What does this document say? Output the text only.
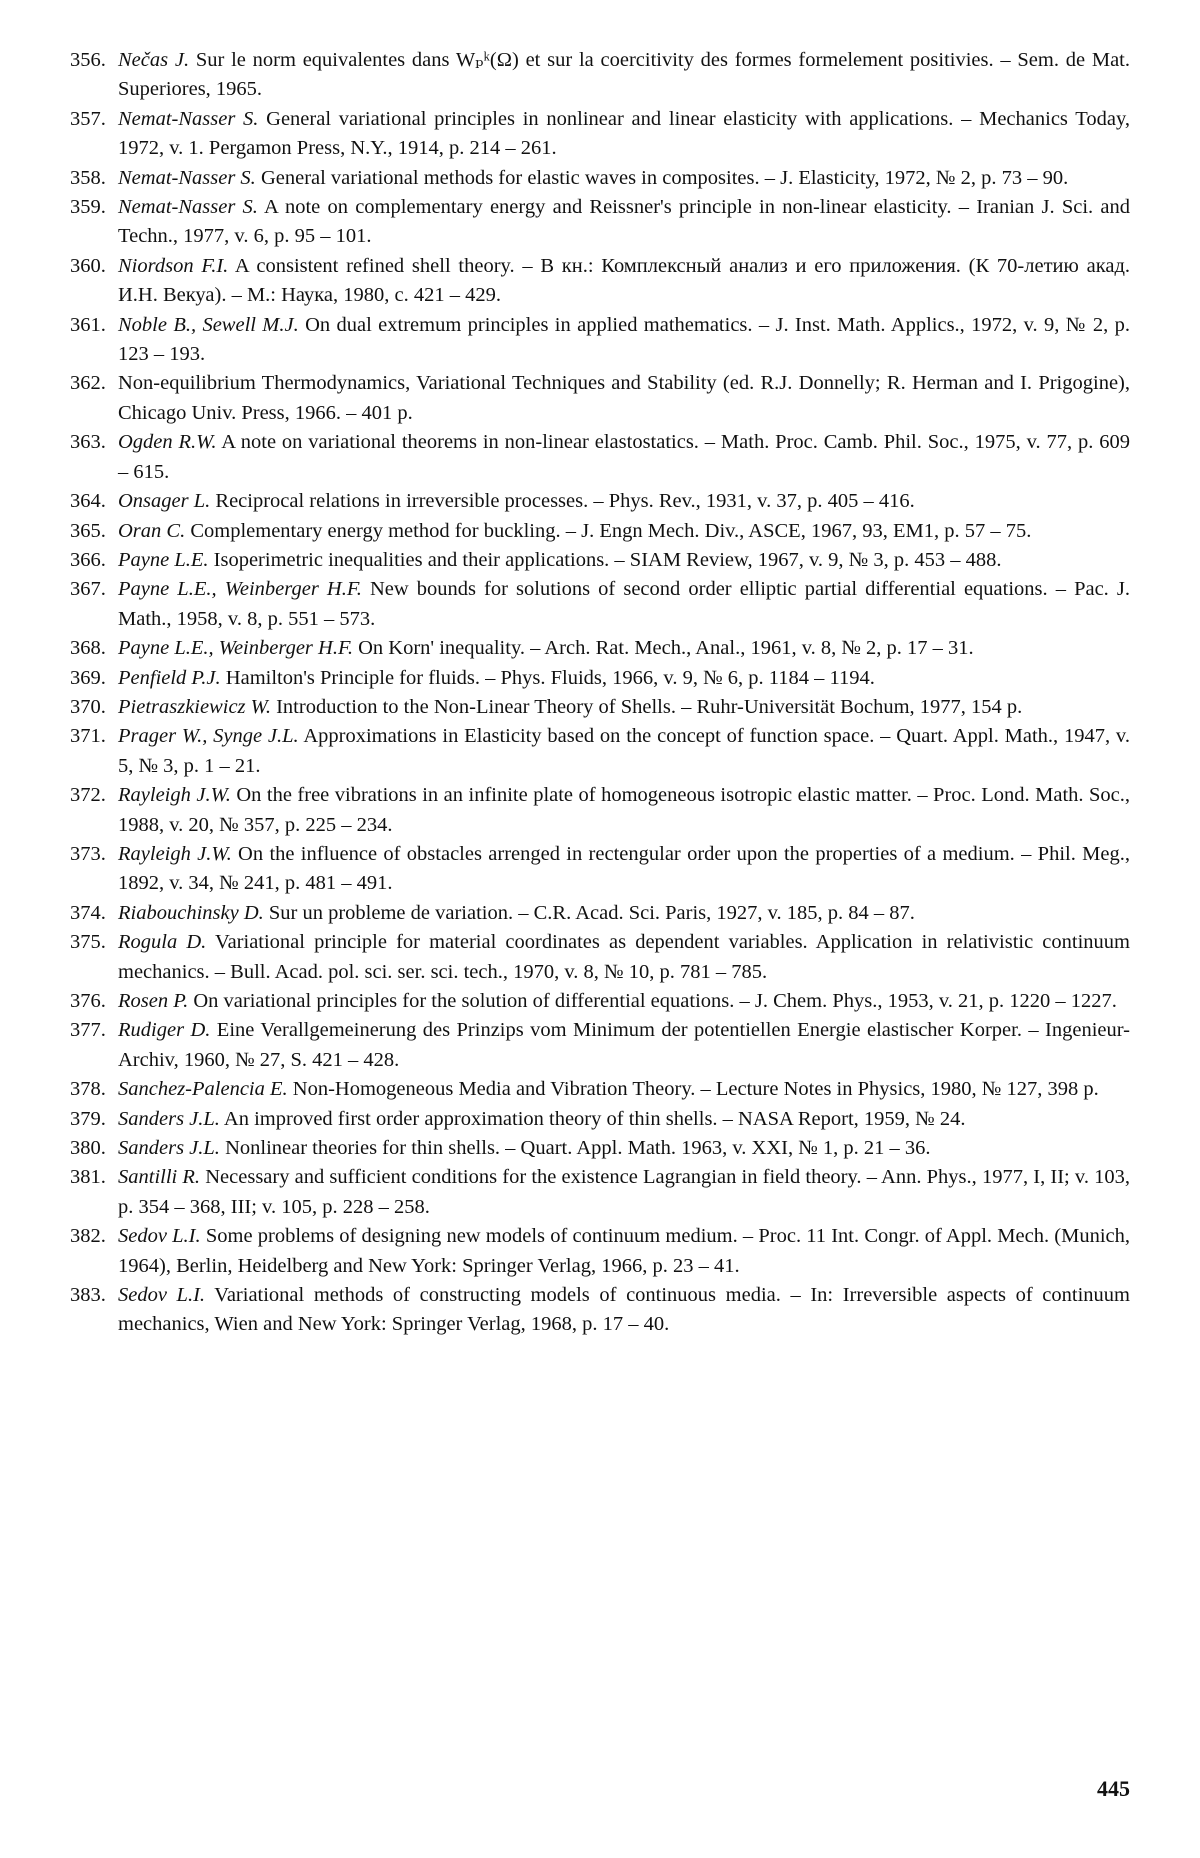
356. Nečas J. Sur le norm equivalentes dans Wₚᵏ(Ω) et sur la coercitivity des formes formelement positivies. – Sem. de Mat. Superiores, 1965.

357. Nemat-Nasser S. General variational principles in nonlinear and linear elasticity with applications. – Mechanics Today, 1972, v. 1. Pergamon Press, N.Y., 1914, p. 214 – 261.

358. Nemat-Nasser S. General variational methods for elastic waves in composites. – J. Elasticity, 1972, № 2, p. 73 – 90.

359. Nemat-Nasser S. A note on complementary energy and Reissner's principle in non-linear elasticity. – Iranian J. Sci. and Techn., 1977, v. 6, p. 95 – 101.

360. Niordson F.I. A consistent refined shell theory. – В кн.: Комплексный анализ и его приложения. (К 70-летию акад. И.Н. Векуа). – М.: Наука, 1980, с. 421 – 429.

361. Noble B., Sewell M.J. On dual extremum principles in applied mathematics. – J. Inst. Math. Applics., 1972, v. 9, № 2, p. 123 – 193.

362. Non-equilibrium Thermodynamics, Variational Techniques and Stability (ed. R.J. Donnelly; R. Herman and I. Prigogine), Chicago Univ. Press, 1966. – 401 p.

363. Ogden R.W. A note on variational theorems in non-linear elastostatics. – Math. Proc. Camb. Phil. Soc., 1975, v. 77, p. 609 – 615.

364. Onsager L. Reciprocal relations in irreversible processes. – Phys. Rev., 1931, v. 37, p. 405 – 416.

365. Oran C. Complementary energy method for buckling. – J. Engn Mech. Div., ASCE, 1967, 93, EM1, p. 57 – 75.

366. Payne L.E. Isoperimetric inequalities and their applications. – SIAM Review, 1967, v. 9, № 3, p. 453 – 488.

367. Payne L.E., Weinberger H.F. New bounds for solutions of second order elliptic partial differential equations. – Pac. J. Math., 1958, v. 8, p. 551 – 573.

368. Payne L.E., Weinberger H.F. On Korn' inequality. – Arch. Rat. Mech., Anal., 1961, v. 8, № 2, p. 17 – 31.

369. Penfield P.J. Hamilton's Principle for fluids. – Phys. Fluids, 1966, v. 9, № 6, p. 1184 – 1194.

370. Pietraszkiewicz W. Introduction to the Non-Linear Theory of Shells. – Ruhr-Universität Bochum, 1977, 154 p.

371. Prager W., Synge J.L. Approximations in Elasticity based on the concept of function space. – Quart. Appl. Math., 1947, v. 5, № 3, p. 1 – 21.

372. Rayleigh J.W. On the free vibrations in an infinite plate of homogeneous isotropic elastic matter. – Proc. Lond. Math. Soc., 1988, v. 20, № 357, p. 225 – 234.

373. Rayleigh J.W. On the influence of obstacles arrenged in rectengular order upon the properties of a medium. – Phil. Meg., 1892, v. 34, № 241, p. 481 – 491.

374. Riabouchinsky D. Sur un probleme de variation. – C.R. Acad. Sci. Paris, 1927, v. 185, p. 84 – 87.

375. Rogula D. Variational principle for material coordinates as dependent variables. Application in relativistic continuum mechanics. – Bull. Acad. pol. sci. ser. sci. tech., 1970, v. 8, № 10, p. 781 – 785.

376. Rosen P. On variational principles for the solution of differential equations. – J. Chem. Phys., 1953, v. 21, p. 1220 – 1227.

377. Rudiger D. Eine Verallgemeinerung des Prinzips vom Minimum der potentiellen Energie elastischer Korper. – Ingenieur-Archiv, 1960, № 27, S. 421 – 428.

378. Sanchez-Palencia E. Non-Homogeneous Media and Vibration Theory. – Lecture Notes in Physics, 1980, № 127, 398 p.

379. Sanders J.L. An improved first order approximation theory of thin shells. – NASA Report, 1959, № 24.

380. Sanders J.L. Nonlinear theories for thin shells. – Quart. Appl. Math. 1963, v. XXI, № 1, p. 21 – 36.

381. Santilli R. Necessary and sufficient conditions for the existence Lagrangian in field theory. – Ann. Phys., 1977, I, II; v. 103, p. 354 – 368, III; v. 105, p. 228 – 258.

382. Sedov L.I. Some problems of designing new models of continuum medium. – Proc. 11 Int. Congr. of Appl. Mech. (Munich, 1964), Berlin, Heidelberg and New York: Springer Verlag, 1966, p. 23 – 41.

383. Sedov L.I. Variational methods of constructing models of continuous media. – In: Irreversible aspects of continuum mechanics, Wien and New York: Springer Verlag, 1968, p. 17 – 40.

445
